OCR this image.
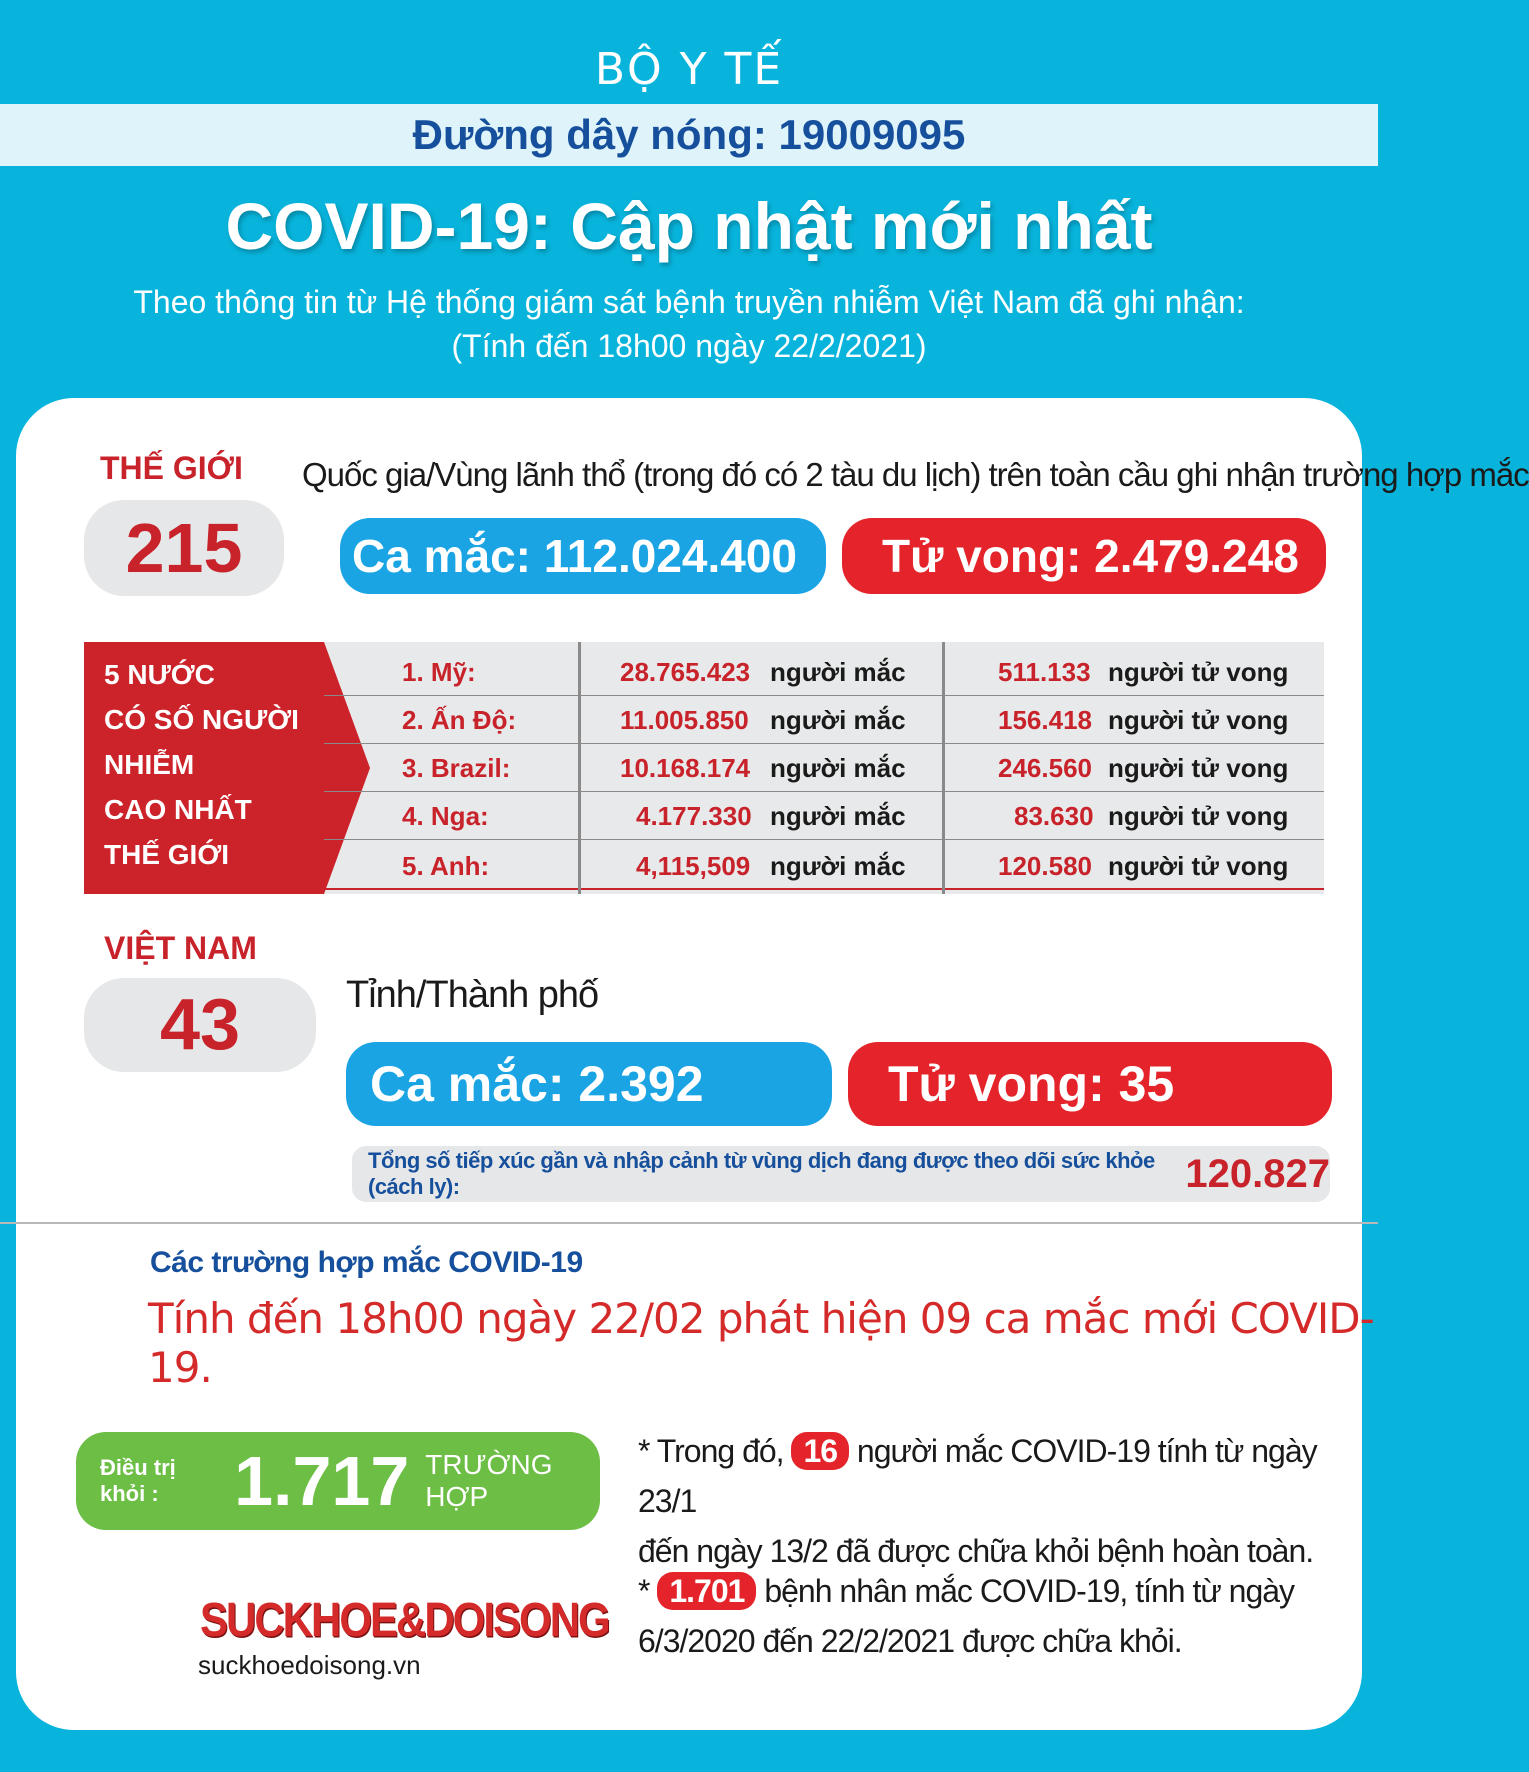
BỘ Y TẾ
Đường dây nóng: 19009095
COVID-19: Cập nhật mới nhất
Theo thông tin từ Hệ thống giám sát bệnh truyền nhiễm Việt Nam đã ghi nhận:
(Tính đến 18h00 ngày 22/2/2021)
THẾ GIỚI
215
Quốc gia/Vùng lãnh thổ (trong đó có 2 tàu du lịch) trên toàn cầu ghi nhận trường hợp mắc
Ca mắc: 112.024.400 Tử vong: 2.479.248
5 NƯỚC
CÓ SỐ NGƯỜI
NHIỄM
CAO NHẤT
THẾ GIỚI
1. Mỹ:	28.765.423 người mắc	511.133 người tử vong
2. Ấn Độ:	11.005.850 người mắc	156.418 người tử vong
3. Brazil:	10.168.174 người mắc	246.560 người tử vong
4. Nga:	4.177.330 người mắc	83.630 người tử vong
5. Anh:	4,115,509 người mắc	120.580 người tử vong
VIỆT NAM
43	Tỉnh/Thành phố
Ca mắc: 2.392	Tử vong: 35
Tổng số tiếp xúc gần và nhập cảnh từ vùng dịch đang được theo dõi sức khỏe (cách ly):	120.827
Các trường hợp mắc COVID-19
Tính đến 18h00 ngày 22/02 phát hiện 09 ca mắc mới COVID-19.
Điều trị khỏi :	1.717 TRƯỜNG HỢP
* Trong đó, 16 người mắc COVID-19 tính từ ngày 23/1
đến ngày 13/2 đã được chữa khỏi bệnh hoàn toàn.
* 1.701 bệnh nhân mắc COVID-19, tính từ ngày
6/3/2020 đến 22/2/2021 được chữa khỏi.
SUCKHOE&DOISONG
suckhoedoisong.vn
